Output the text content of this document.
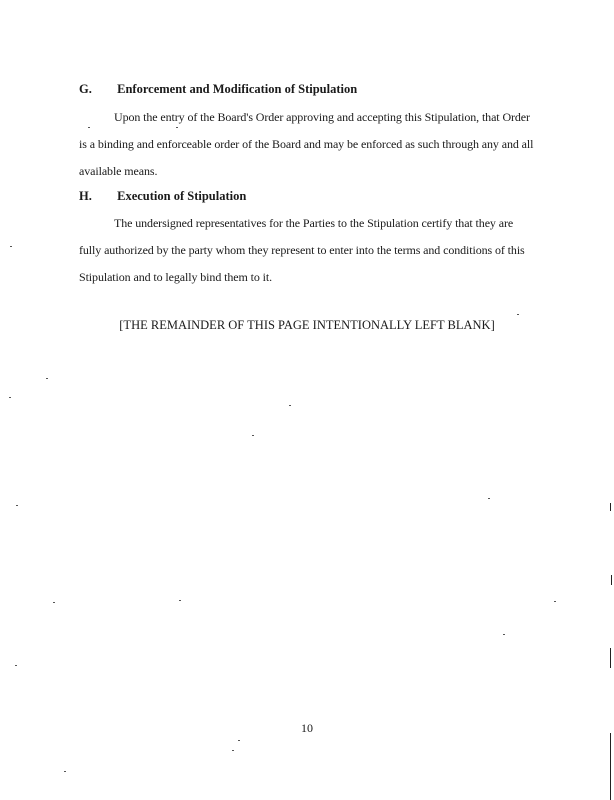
G. Enforcement and Modification of Stipulation
Upon the entry of the Board's Order approving and accepting this Stipulation, that Order
is a binding and enforceable order of the Board and may be enforced as such through any and all
available means.
H. Execution of Stipulation
The undersigned representatives for the Parties to the Stipulation certify that they are
fully authorized by the party whom they represent to enter into the terms and conditions of this
Stipulation and to legally bind them to it.
[THE REMAINDER OF THIS PAGE INTENTIONALLY LEFT BLANK]
10
